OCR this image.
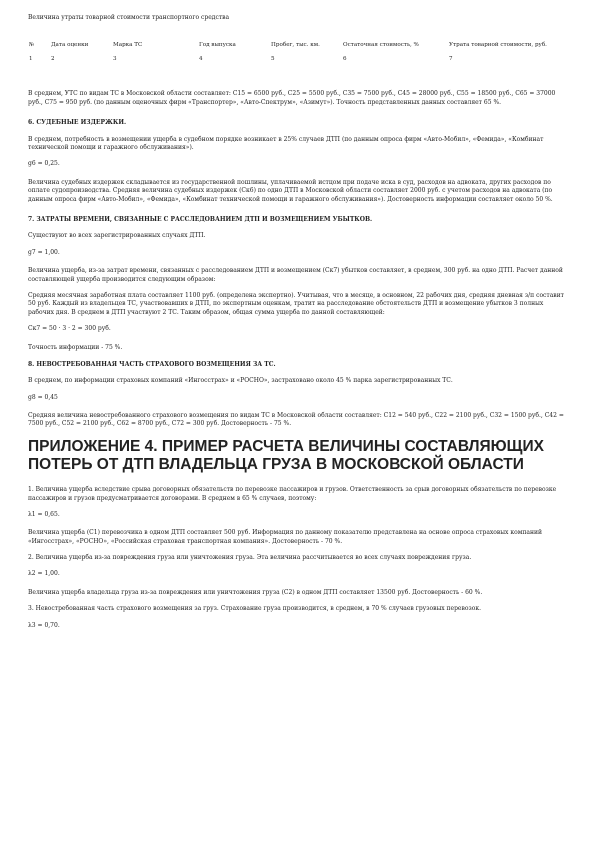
Величина утраты товарной стоимости транспортного средства

№	Дата оценки	Марка ТС	Год выпуска	Пробег, тыс. км.	Остаточная стоимость, %	Утрата товарной стоимости, руб.
1	2	3	4	5	6	7

В среднем, УТС по видам ТС в Московской области составляет: С15 = 6500 руб., С25 = 5500 руб., С35 = 7500 руб., С45 = 28000 руб., С55 = 18500 руб., С65 = 37000 руб., С75 = 950 руб. (по данным оценочных фирм «Транспортер», «Авто-Спектрум», «Азимут»). Точность представленных данных составляет 65 %.

6. СУДЕБНЫЕ ИЗДЕРЖКИ.

В среднем, потребность в возмещении ущерба в судебном порядке возникает в 25% случаев ДТП (по данным опроса фирм «Авто-Мобил», «Фемида», «Комбинат технической помощи и гаражного обслуживания»).

g6 = 0,25.

Величина судебных издержек складывается из государственной пошлины, уплачиваемой истцом при подаче иска в суд, расходов на адвоката, других расходов по оплате судопроизводства. Средняя величина судебных издержек (Ск6) по одно ДТП в Московской области составляет 2000 руб. с учетом расходов на адвоката (по данным опроса фирм «Авто-Мобил», «Фемида», «Комбинат технической помощи и гаражного обслуживания»). Достоверность информации составляет около 50 %.

7. ЗАТРАТЫ ВРЕМЕНИ, СВЯЗАННЫЕ С РАССЛЕДОВАНИЕМ ДТП И ВОЗМЕЩЕНИЕМ УБЫТКОВ.

Существуют во всех зарегистрированных случаях ДТП.

g7 = 1,00.

Величина ущерба, из-за затрат времени, связанных с расследованием ДТП и возмещением (Ск7) убытков составляет, в среднем, 300 руб. на одно ДТП. Расчет данной составляющей ущерба производится следующим образом:

Средняя месячная заработная плата составляет 1100 руб. (определена экспертно). Учитывая, что в месяце, в основном, 22 рабочих дня, средняя дневная з/п составит 50 руб. Каждый из владельцев ТС, участвовавших в ДТП, по экспертным оценкам, тратит на расследование обстоятельств ДТП и возмещение убытков 3 полных рабочих дня. В среднем в ДТП участвуют 2 ТС. Таким образом, общая сумма ущерба по данной составляющей:

Ск7 = 50 · 3 · 2 = 300 руб.

Точность информации - 75 %.

8. НЕВОСТРЕБОВАННАЯ ЧАСТЬ СТРАХОВОГО ВОЗМЕЩЕНИЯ ЗА ТС.

В среднем, по информации страховых компаний «Ингосстрах» и «РОСНО», застраховано около 45 % парка зарегистрированных ТС.

g8 = 0,45

Средняя величина невостребованного страхового возмещения по видам ТС в Московской области составляет: С12 = 540 руб., С22 = 2100 руб., С32 = 1500 руб., С42 = 7500 руб., С52 = 2100 руб., С62 = 8700 руб., С72 = 300 руб. Достоверность - 75 %.

ПРИЛОЖЕНИЕ 4. ПРИМЕР РАСЧЕТА ВЕЛИЧИНЫ СОСТАВЛЯЮЩИХ ПОТЕРЬ ОТ ДТП ВЛАДЕЛЬЦА ГРУЗА В МОСКОВСКОЙ ОБЛАСТИ

1. Величина ущерба вследствие срыва договорных обязательств по перевозке пассажиров и грузов. Ответственность за срыв договорных обязательств по перевозке пассажиров и грузов предусматривается договорами. В среднем в 65 % случаев, поэтому:

λ1 = 0,65.

Величина ущерба (С1) перевозчика в одном ДТП составляет 500 руб. Информация по данному показателю представлена на основе опроса страховых компаний «Ингосстрах», «РОСНО», «Российская страховая транспортная компания». Достоверность - 70 %.

2. Величина ущерба из-за повреждения груза или уничтожения груза. Эта величина рассчитывается во всех случаях повреждения груза.

λ2 = 1,00.

Величина ущерба владельца груза из-за повреждения или уничтожения груза (С2) в одном ДТП составляет 13500 руб. Достоверность - 60 %.

3. Невостребованная часть страхового возмещения за груз. Страхование груза производится, в среднем, в 70 % случаев грузовых перевозок.

λ3 = 0,70.
